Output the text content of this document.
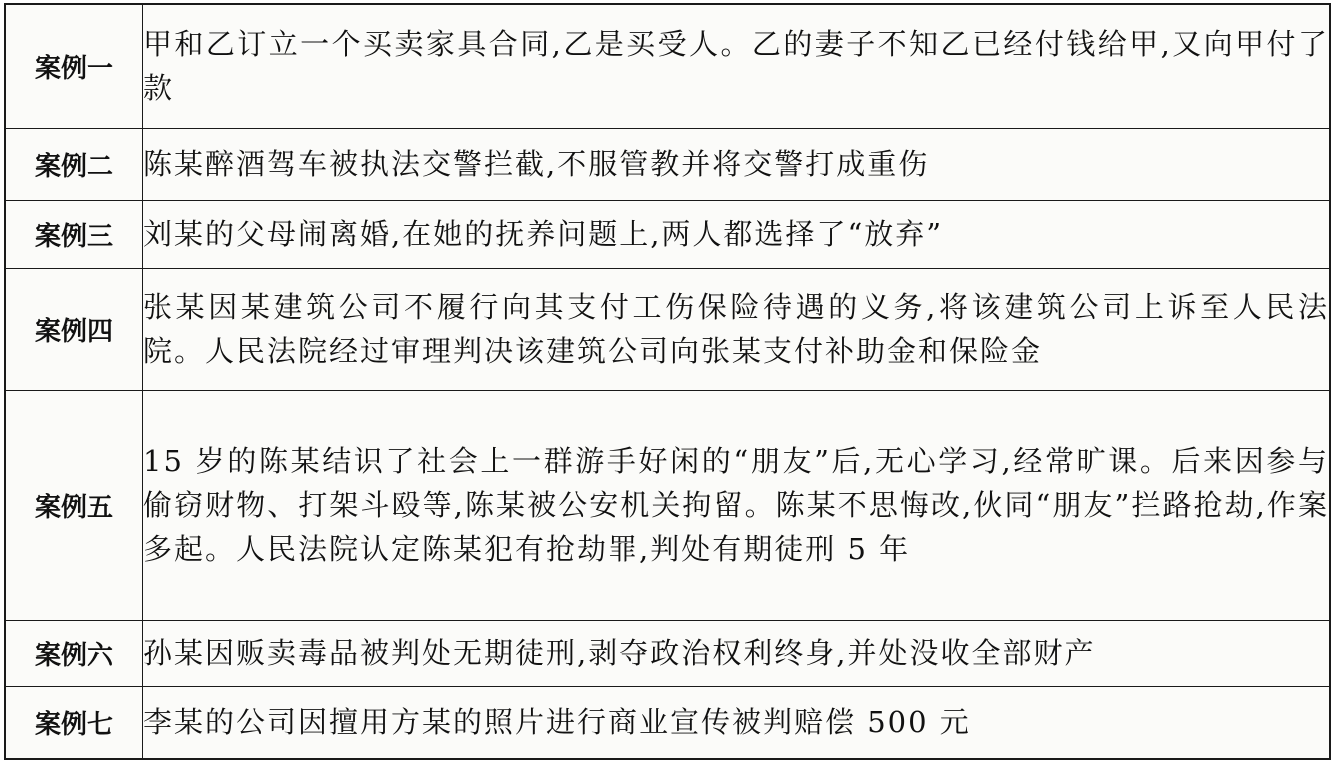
案例一	甲和乙订立一个买卖家具合同,乙是买受人。乙的妻子不知乙已经付钱给甲,又向甲付了款
案例二	陈某醉酒驾车被执法交警拦截,不服管教并将交警打成重伤
案例三	刘某的父母闹离婚,在她的抚养问题上,两人都选择了“放弃”
案例四	张某因某建筑公司不履行向其支付工伤保险待遇的义务,将该建筑公司上诉至人民法院。人民法院经过审理判决该建筑公司向张某支付补助金和保险金
案例五	15 岁的陈某结识了社会上一群游手好闲的“朋友”后,无心学习,经常旷课。后来因参与偷窃财物、打架斗殴等,陈某被公安机关拘留。陈某不思悔改,伙同“朋友”拦路抢劫,作案多起。人民法院认定陈某犯有抢劫罪,判处有期徒刑 5 年
案例六	孙某因贩卖毒品被判处无期徒刑,剥夺政治权利终身,并处没收全部财产
案例七	李某的公司因擅用方某的照片进行商业宣传被判赔偿 500 元
